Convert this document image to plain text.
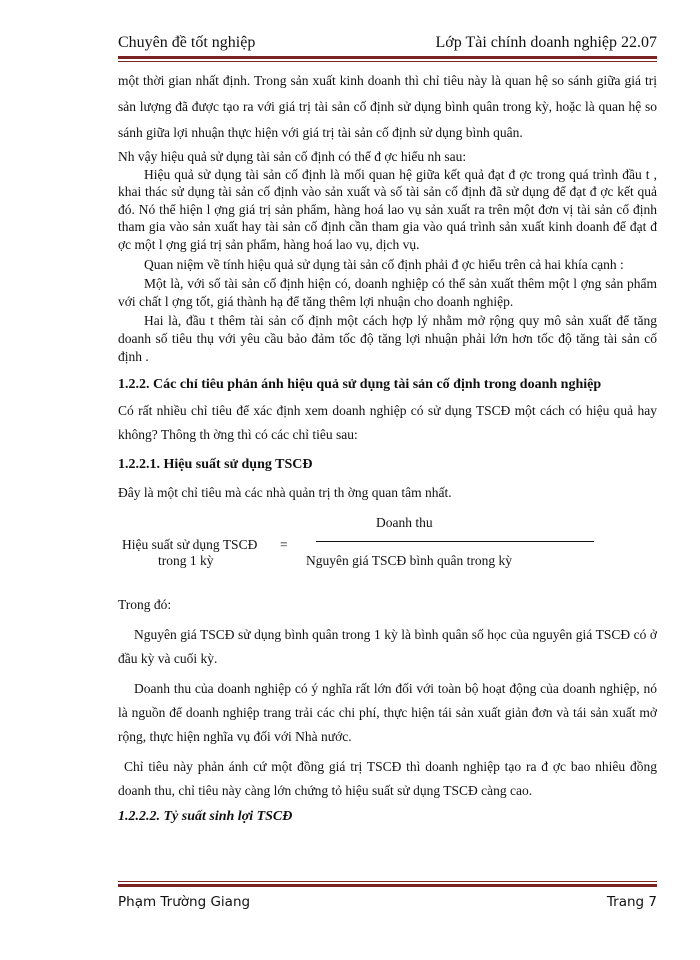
Chuyên đề tốt nghiệp	Lớp Tài chính doanh nghiệp 22.07

một thời gian nhất định. Trong sản xuất kinh doanh thì chỉ tiêu này là quan hệ so sánh giữa giá trị sản lượng đã được tạo ra với giá trị tài sản cố định sử dụng bình quân trong kỳ, hoặc là quan hệ so sánh giữa lợi nhuận thực hiện với giá trị tài sản cố định sử dụng bình quân.

Nh vậy hiệu quả sử dụng tài sản cố định có thể đ ợc hiểu nh sau:

Hiệu quả sử dụng tài sản cố định là mối quan hệ giữa kết quả đạt đ ợc trong quá trình đầu t , khai thác sử dụng tài sản cố định vào sản xuất và số tài sản cố định đã sử dụng để đạt đ ợc kết quả đó. Nó thể hiện l ợng giá trị sản phẩm, hàng hoá lao vụ sản xuất ra trên một đơn vị tài sản cố định tham gia vào sản xuất hay tài sản cố định cần tham gia vào quá trình sản xuất kinh doanh để đạt đ ợc một l ợng giá trị sản phẩm, hàng hoá lao vụ, dịch vụ.

Quan niệm về tính hiệu quả sử dụng tài sản cố định phải đ ợc hiểu trên cả hai khía cạnh :

Một là, với số tài sản cố định hiện có, doanh nghiệp có thể sản xuất thêm một l ợng sản phẩm với chất l ợng tốt, giá thành hạ để tăng thêm lợi nhuận cho doanh nghiệp.

Hai là, đầu t thêm tài sản cố định một cách hợp lý nhằm mở rộng quy mô sản xuất để tăng doanh số tiêu thụ với yêu cầu bảo đảm tốc độ tăng lợi nhuận phải lớn hơn tốc độ tăng tài sản cố định .

1.2.2. Các chỉ tiêu phản ánh hiệu quả sử dụng tài sản cố định trong doanh nghiệp

Có rất nhiều chỉ tiêu để xác định xem doanh nghiệp có sử dụng TSCĐ một cách có hiệu quả hay không? Thông th ờng thì có các chỉ tiêu sau:

1.2.2.1. Hiệu suất sử dụng TSCĐ

Đây là một chỉ tiêu mà các nhà quản trị th ờng quan tâm nhất.

Doanh thu
Hiệu suất sử dụng TSCĐ =
trong 1 kỳ	Nguyên giá TSCĐ bình quân trong kỳ

Trong đó:

Nguyên giá TSCĐ sử dụng bình quân trong 1 kỳ là bình quân số học của nguyên giá TSCĐ có ở đầu kỳ và cuối kỳ.

Doanh thu của doanh nghiệp có ý nghĩa rất lớn đối với toàn bộ hoạt động của doanh nghiệp, nó là nguồn để doanh nghiệp trang trải các chi phí, thực hiện tái sản xuất giản đơn và tái sản xuất mở rộng, thực hiện nghĩa vụ đối với Nhà nước.

Chỉ tiêu này phản ánh cứ một đồng giá trị TSCĐ thì doanh nghiệp tạo ra đ ợc bao nhiêu đồng doanh thu, chỉ tiêu này càng lớn chứng tỏ hiệu suất sử dụng TSCĐ càng cao.

1.2.2.2. Tỷ suất sinh lợi TSCĐ

Phạm Trường Giang	Trang 7
